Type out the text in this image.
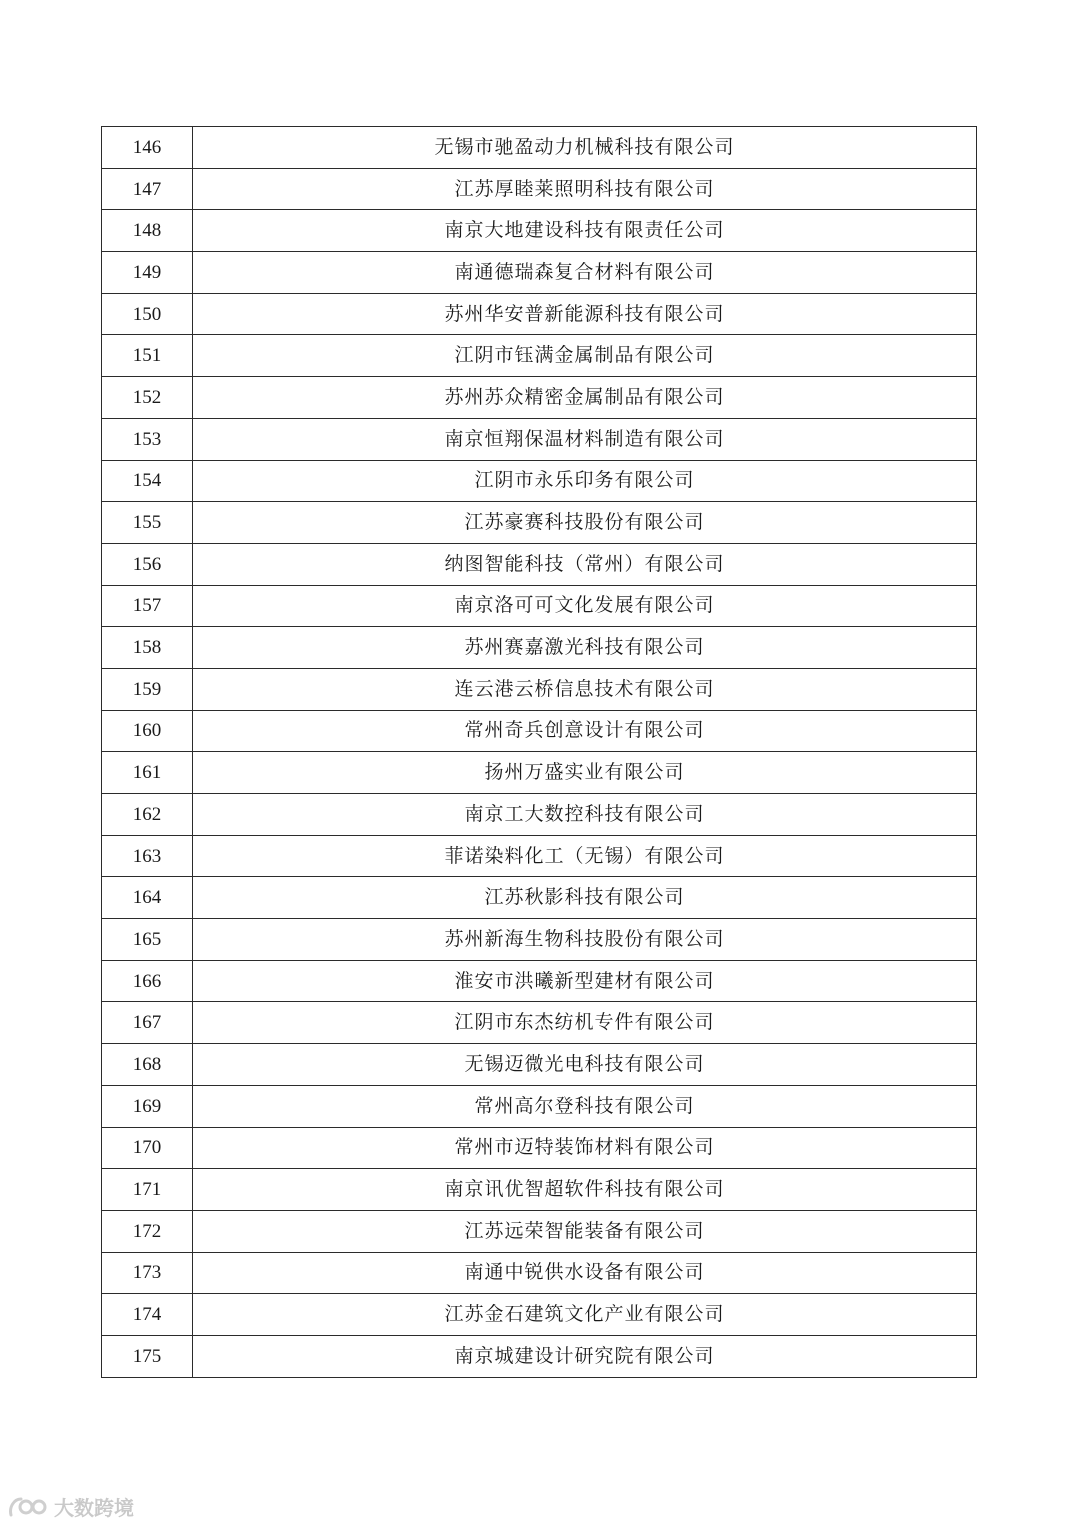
146	无锡市驰盈动力机械科技有限公司
147	江苏厚睦莱照明科技有限公司
148	南京大地建设科技有限责任公司
149	南通德瑞森复合材料有限公司
150	苏州华安普新能源科技有限公司
151	江阴市钰满金属制品有限公司
152	苏州苏众精密金属制品有限公司
153	南京恒翔保温材料制造有限公司
154	江阴市永乐印务有限公司
155	江苏豪赛科技股份有限公司
156	纳图智能科技（常州）有限公司
157	南京洛可可文化发展有限公司
158	苏州赛嘉激光科技有限公司
159	连云港云桥信息技术有限公司
160	常州奇兵创意设计有限公司
161	扬州万盛实业有限公司
162	南京工大数控科技有限公司
163	菲诺染料化工（无锡）有限公司
164	江苏秋影科技有限公司
165	苏州新海生物科技股份有限公司
166	淮安市洪曦新型建材有限公司
167	江阴市东杰纺机专件有限公司
168	无锡迈微光电科技有限公司
169	常州高尔登科技有限公司
170	常州市迈特装饰材料有限公司
171	南京讯优智超软件科技有限公司
172	江苏远荣智能装备有限公司
173	南通中锐供水设备有限公司
174	江苏金石建筑文化产业有限公司
175	南京城建设计研究院有限公司
大数跨境
